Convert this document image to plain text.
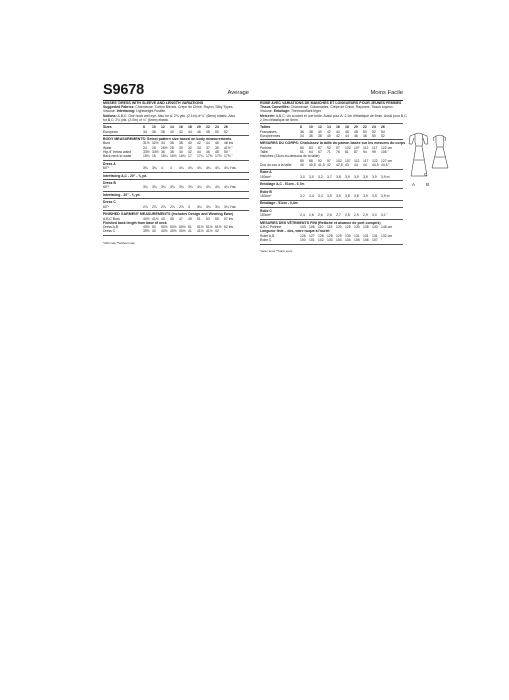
S9678	Average
MISSES' DRESS WITH SLEEVE AND LENGTH VARIATIONS
Suggested Fabrics: Charmeuse, Cotton Blends, Crepe de Chine, Rayon, Silky Types,
Viscose. Interfacing: Lightweight Fusible.
Notions: A,B,C: One hook and eye. Also for A: 2¾ yds. (2.1m) of ¼" (6mm) elastic. Also
for B,C: 2¼ yds. (2.0m) of ¼" (6mm) elastic.
Sizes	8	10	12	14	16	18	20	22	24	26
European	34	36	38	40	42	44	46	48	50	52
BODY MEASUREMENTS: Select pattern size based on body measurements
Bust	31½ 32½ 34	36	38	40	42	44	46	48 ins
Waist	24	25	26½ 28	30	32	34	37	39	41½ "
Hip-9" below waist	33½ 34½ 36	38	40	42	44	46	48	50 "
Back neck to waist	15¾ 16	16¼ 16½ 16¾ 17	17¼ 17⅜ 17½ 17⅝ "
Dress A
60"*	3¾	3¾	4	4	4¼	4¼	4¼	4¼	4¼	4¼ Yds.
Interfacing A,C - 20" - ⅜ yd.
Dress B
60"*	3¾	3¾	3¾	3¾	3¾	3¾	4¼	4¼	4¼	4¼ Yds.
Interfacing - 20" - ⅜ yd.
Dress C
60"*	2⅞	2⅞	2⅞	2⅞	2⅞	3	3¼	3¼	3¼	3¼ Yds.
FINISHED GARMENT MEASUREMENTS (Includes Design and Wearing Ease)
A,B,C Bust	40½ 41½ 43	45	47	49	51	53	55	57 ins
Finished back length from base of neck
Dress A,B	49½ 50	50½ 50½ 50½ 51	51½ 51½ 51½ 52 ins
Dress C	39½ 40	40½ 40½ 40½ 41	41½ 41½ 42	"
*with nap **without nap
Moins Facile
ROBE AVEC VARIATIONS DE MANCHES ET LONGUEURS POUR JEUNES FEMMES
Tissus Conseillés: Charmeuse, Cotonnades, Crêpe de Chine, Rayonne, Tissus soyeux,
Viscose. Entoilage: Thermocollant léger.
Mercerie: A,B,C: Un crochet et une bride. Aussi pour A: 2,1m d'élastique de 6mm. Aussi pour B,C:
2,0m d'élastique de 6mm.
Tailles	8	10	12	14	16	18	20	22	24	26
Françaises	36	38	40	42	44	46	48	50	52	54
Européennes	34	36	38	40	42	44	46	48	50	52
MESURES DU CORPS: Choisissez la taille du patron basée sur les mesures du corps
Poitrine	80	83	87	92	97	102 107 112	117	122 cm
Taille	61	64	67	71	76	81	87	94	99	106 "
Hanches (23cm au-dessous de la taille)
85	88	92	97	102 107 112	117	122 127 cm
Dos du cou à la taille	40	40,5 41,5 42	42,5 43	44	44	44,5 44,5 "
Robe A
150cm*	3,0	3,0	3,2	3,7	3,8	3,9	3,9	3,9	3,9	3,9 m
Entoilage A,C - 51cm - 0,7m
Robe B
150cm*	3,2	3,4	3,4	3,5	3,5	3,8	3,8	3,9	3,9	3,9 m
Entoilage - 51cm - 0,4m
Robe C
150cm*	2,4	2,6	2,6	2,6	2,7	2,8	2,9	2,9	3,0	3,1 "
MESURES DES VÊTEMENTS FINI (Relâché et aisance de port compris)
A,B,C Poitrine	103 106 110	115	120 125 130 135 140 145 cm
Longueur finie – dos, votre nuque à l'ourlet
Robe A,B	126 127 128 128 129 130 131 131 131 132 cm
Robe C	100 101 102 103 104 104 105 106 107 "
*avec sens **sans sens
C
A B
